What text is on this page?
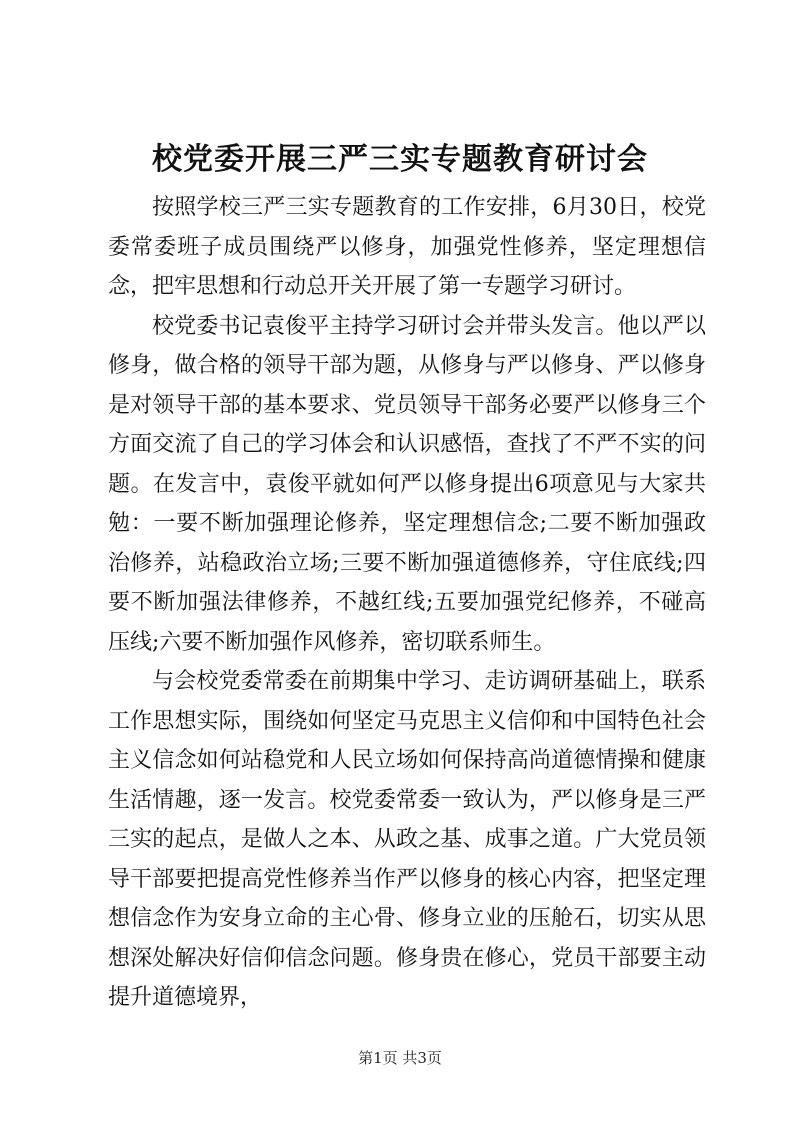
校党委开展三严三实专题教育研讨会

按照学校三严三实专题教育的工作安排，6月30日，校党委常委班子成员围绕严以修身，加强党性修养，坚定理想信念，把牢思想和行动总开关开展了第一专题学习研讨。

校党委书记袁俊平主持学习研讨会并带头发言。他以严以修身，做合格的领导干部为题，从修身与严以修身、严以修身是对领导干部的基本要求、党员领导干部务必要严以修身三个方面交流了自己的学习体会和认识感悟，查找了不严不实的问题。在发言中，袁俊平就如何严以修身提出6项意见与大家共勉：一要不断加强理论修养，坚定理想信念;二要不断加强政治修养，站稳政治立场;三要不断加强道德修养，守住底线;四要不断加强法律修养，不越红线;五要加强党纪修养，不碰高压线;六要不断加强作风修养，密切联系师生。

与会校党委常委在前期集中学习、走访调研基础上，联系工作思想实际，围绕如何坚定马克思主义信仰和中国特色社会主义信念如何站稳党和人民立场如何保持高尚道德情操和健康生活情趣，逐一发言。校党委常委一致认为，严以修身是三严三实的起点，是做人之本、从政之基、成事之道。广大党员领导干部要把提高党性修养当作严以修身的核心内容，把坚定理想信念作为安身立命的主心骨、修身立业的压舱石，切实从思想深处解决好信仰信念问题。修身贵在修心，党员干部要主动提升道德境界，

第1页 共3页
